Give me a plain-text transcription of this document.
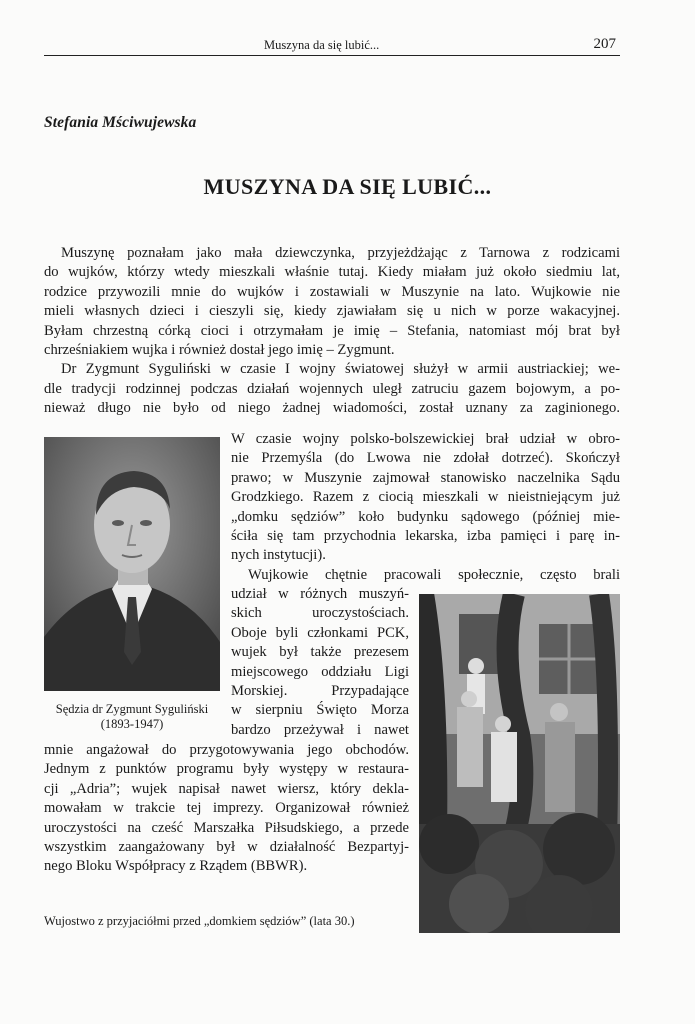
Muszyna da się lubić...	207
Stefania Mściwujewska
MUSZYNA DA SIĘ LUBIĆ...

Muszynę poznałam jako mała dziewczynka, przyjeżdżając z Tarnowa z rodzicami

do wujków, którzy wtedy mieszkali właśnie tutaj. Kiedy miałam już około siedmiu lat,

rodzice przywozili mnie do wujków i zostawiali w Muszynie na lato. Wujkowie nie

mieli własnych dzieci i cieszyli się, kiedy zjawiałam się u nich w porze wakacyjnej.

Byłam chrzestną córką cioci i otrzymałam je imię – Stefania, natomiast mój brat był

chrześniakiem wujka i również dostał jego imię – Zygmunt.

Dr Zygmunt Syguliński w czasie I wojny światowej służył w armii austriackiej; we-

dle tradycji rodzinnej podczas działań wojennych uległ zatruciu gazem bojowym, a po-

nieważ długo nie było od niego żadnej wiadomości, został uznany za zaginionego.

Sędzia dr Zygmunt Syguliński
(1893-1947)

W czasie wojny polsko-bolszewickiej brał udział w obro-

nie Przemyśla (do Lwowa nie zdołał dotrzeć). Skończył

prawo; w Muszynie zajmował stanowisko naczelnika Sądu

Grodzkiego. Razem z ciocią mieszkali w nieistniejącym już

„domku sędziów” koło budynku sądowego (później mie-

ściła się tam przychodnia lekarska, izba pamięci i parę in-

nych instytucji).

Wujkowie chętnie pracowali społecznie, często brali

udział w różnych muszyń-

skich uroczystościach.

Oboje byli członkami PCK,

wujek był także prezesem

miejscowego oddziału Ligi

Morskiej. Przypadające

w sierpniu Święto Morza

bardzo przeżywał i nawet

mnie angażował do przygotowywania jego obchodów.

Jednym z punktów programu były występy w restaura-

cji „Adria”; wujek napisał nawet wiersz, który dekla-

mowałam w trakcie tej imprezy. Organizował również

uroczystości na cześć Marszałka Piłsudskiego, a przede

wszystkim zaangażowany był w działalność Bezpartyj-

nego Bloku Współpracy z Rządem (BBWR).

Wujostwo z przyjaciółmi przed „domkiem sędziów” (lata 30.)
